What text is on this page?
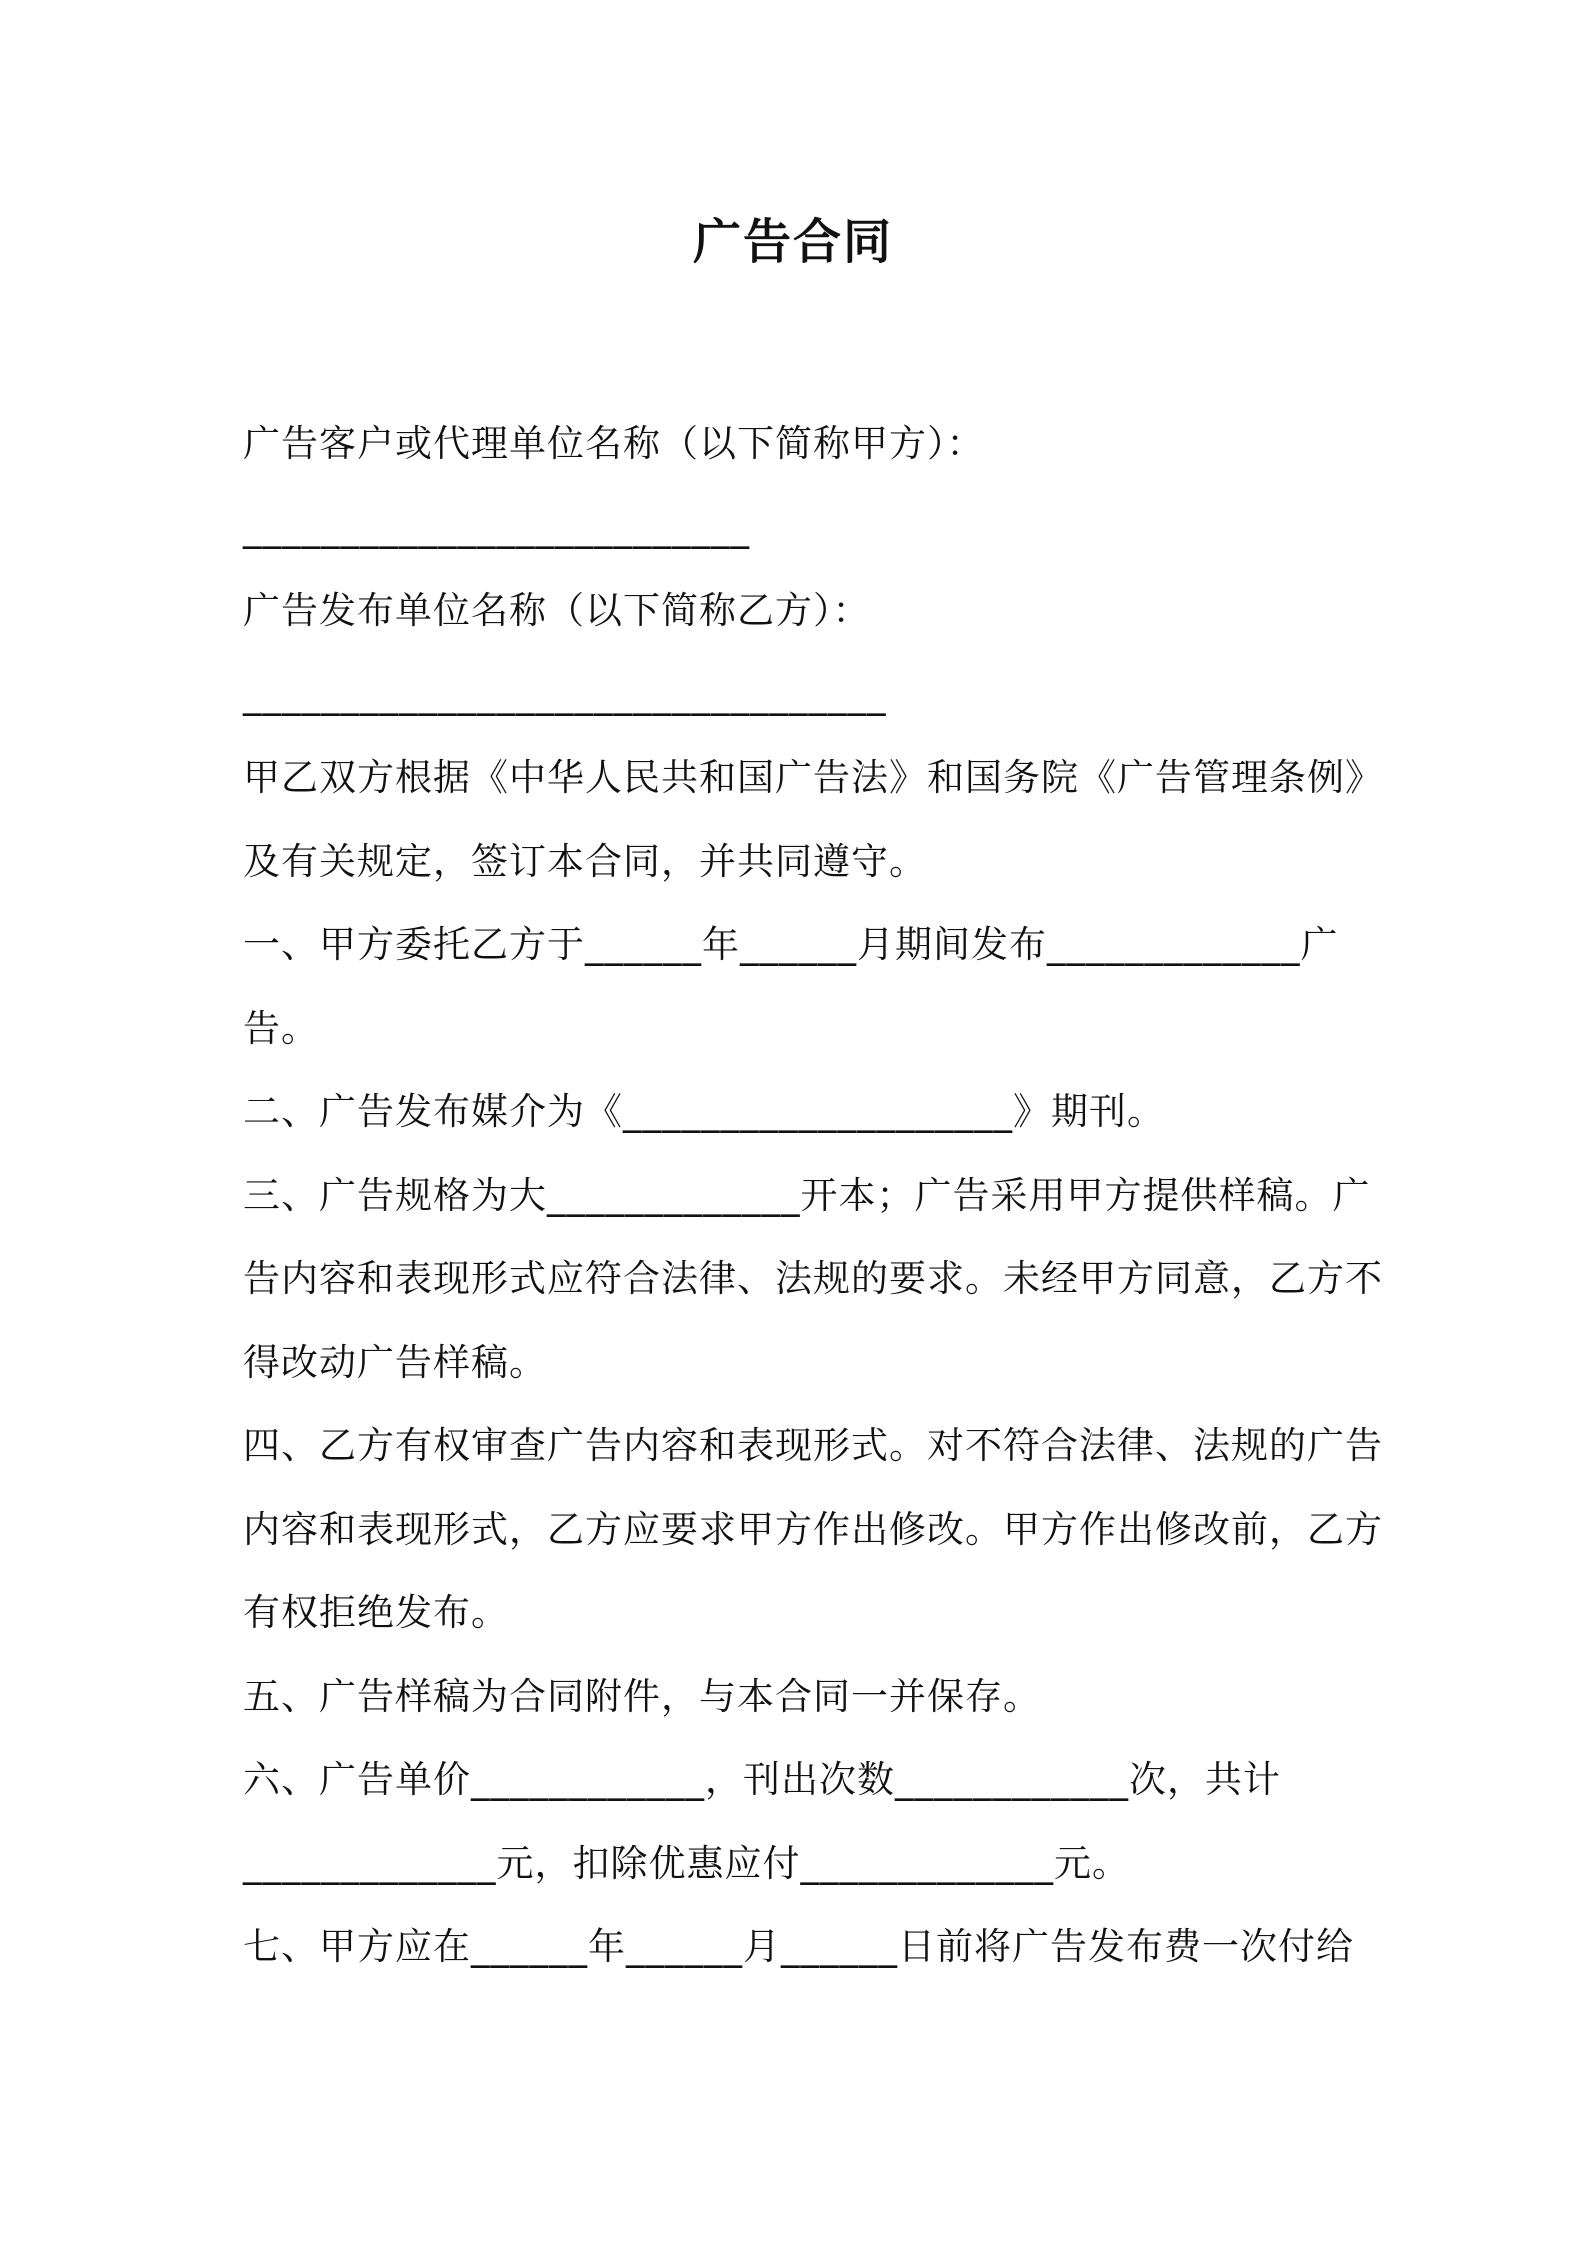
广告合同

广告客户或代理单位名称（以下简称甲方）：

__________________________

广告发布单位名称（以下简称乙方）：

_________________________________

甲乙双方根据《中华人民共和国广告法》和国务院《广告管理条例》

及有关规定，签订本合同，并共同遵守。

一、甲方委托乙方于______年______月期间发布_____________广

告。

二、广告发布媒介为《____________________》期刊。

三、广告规格为大_____________开本；广告采用甲方提供样稿。广

告内容和表现形式应符合法律、法规的要求。未经甲方同意，乙方不

得改动广告样稿。

四、乙方有权审查广告内容和表现形式。对不符合法律、法规的广告

内容和表现形式，乙方应要求甲方作出修改。甲方作出修改前，乙方

有权拒绝发布。

五、广告样稿为合同附件，与本合同一并保存。

六、广告单价____________，刊出次数____________次，共计

_____________元，扣除优惠应付_____________元。

七、甲方应在______年______月______日前将广告发布费一次付给
